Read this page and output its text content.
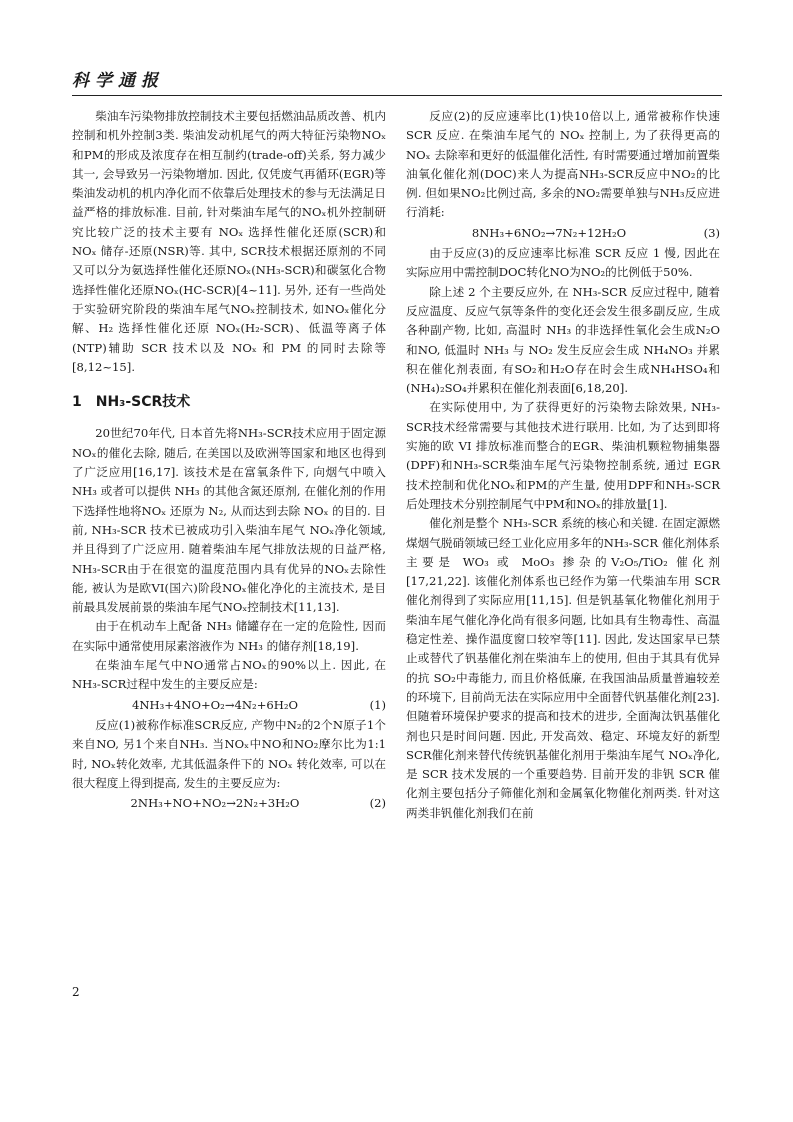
科学通报

柴油车污染物排放控制技术主要包括燃油品质改善、机内控制和机外控制3类. 柴油发动机尾气的两大特征污染物NOₓ和PM的形成及浓度存在相互制约(trade-off)关系, 努力减少其一, 会导致另一污染物增加. 因此, 仅凭废气再循环(EGR)等柴油发动机的机内净化而不依靠后处理技术的参与无法满足日益严格的排放标准. 目前, 针对柴油车尾气的NOₓ机外控制研究比较广泛的技术主要有 NOₓ 选择性催化还原(SCR)和 NOₓ 储存-还原(NSR)等. 其中, SCR技术根据还原剂的不同又可以分为氨选择性催化还原NOₓ(NH₃-SCR)和碳氢化合物选择性催化还原NOₓ(HC-SCR)[4~11]. 另外, 还有一些尚处于实验研究阶段的柴油车尾气NOₓ控制技术, 如NOₓ催化分解、H₂ 选择性催化还原 NOₓ(H₂-SCR)、低温等离子体(NTP)辅助 SCR 技术以及 NOₓ 和 PM 的同时去除等[8,12~15].

1 NH₃-SCR技术

20世纪70年代, 日本首先将NH₃-SCR技术应用于固定源NOₓ的催化去除, 随后, 在美国以及欧洲等国家和地区也得到了广泛应用[16,17]. 该技术是在富氧条件下, 向烟气中喷入 NH₃ 或者可以提供 NH₃ 的其他含氮还原剂, 在催化剂的作用下选择性地将NOₓ 还原为 N₂, 从而达到去除 NOₓ 的目的. 目前, NH₃-SCR 技术已被成功引入柴油车尾气 NOₓ净化领域, 并且得到了广泛应用. 随着柴油车尾气排放法规的日益严格, NH₃-SCR由于在很宽的温度范围内具有优异的NOₓ去除性能, 被认为是欧VI(国六)阶段NOₓ催化净化的主流技术, 是目前最具发展前景的柴油车尾气NOₓ控制技术[11,13].

由于在机动车上配备 NH₃ 储罐存在一定的危险性, 因而在实际中通常使用尿素溶液作为 NH₃ 的储存剂[18,19].

在柴油车尾气中NO通常占NOₓ的90%以上. 因此, 在NH₃-SCR过程中发生的主要反应是:

4NH₃+4NO+O₂→4N₂+6H₂O	(1)

反应(1)被称作标准SCR反应, 产物中N₂的2个N原子1个来自NO, 另1个来自NH₃. 当NOₓ中NO和NO₂摩尔比为1:1时, NOₓ转化效率, 尤其低温条件下的 NOₓ 转化效率, 可以在很大程度上得到提高, 发生的主要反应为:

2NH₃+NO+NO₂→2N₂+3H₂O	(2)

反应(2)的反应速率比(1)快10倍以上, 通常被称作快速 SCR 反应. 在柴油车尾气的 NOₓ 控制上, 为了获得更高的 NOₓ 去除率和更好的低温催化活性, 有时需要通过增加前置柴油氧化催化剂(DOC)来人为提高NH₃-SCR反应中NO₂的比例. 但如果NO₂比例过高, 多余的NO₂需要单独与NH₃反应进行消耗:

8NH₃+6NO₂→7N₂+12H₂O	(3)

由于反应(3)的反应速率比标准 SCR 反应 1 慢, 因此在实际应用中需控制DOC转化NO为NO₂的比例低于50%.

除上述 2 个主要反应外, 在 NH₃-SCR 反应过程中, 随着反应温度、反应气氛等条件的变化还会发生很多副反应, 生成各种副产物, 比如, 高温时 NH₃ 的非选择性氧化会生成N₂O和NO, 低温时 NH₃ 与 NO₂ 发生反应会生成 NH₄NO₃ 并累积在催化剂表面, 有SO₂和H₂O存在时会生成NH₄HSO₄和(NH₄)₂SO₄并累积在催化剂表面[6,18,20].

在实际使用中, 为了获得更好的污染物去除效果, NH₃-SCR技术经常需要与其他技术进行联用. 比如, 为了达到即将实施的欧 VI 排放标准而整合的EGR、柴油机颗粒物捕集器(DPF)和NH₃-SCR柴油车尾气污染物控制系统, 通过 EGR 技术控制和优化NOₓ和PM的产生量, 使用DPF和NH₃-SCR后处理技术分别控制尾气中PM和NOₓ的排放量[1].

催化剂是整个 NH₃-SCR 系统的核心和关键. 在固定源燃煤烟气脱硝领域已经工业化应用多年的NH₃-SCR 催化剂体系主要是 WO₃ 或 MoO₃ 掺杂的V₂O₅/TiO₂ 催化剂[17,21,22]. 该催化剂体系也已经作为第一代柴油车用 SCR 催化剂得到了实际应用[11,15]. 但是钒基氧化物催化剂用于柴油车尾气催化净化尚有很多问题, 比如具有生物毒性、高温稳定性差、操作温度窗口较窄等[11]. 因此, 发达国家早已禁止或替代了钒基催化剂在柴油车上的使用, 但由于其具有优异的抗 SO₂中毒能力, 而且价格低廉, 在我国油品质量普遍较差的环境下, 目前尚无法在实际应用中全面替代钒基催化剂[23]. 但随着环境保护要求的提高和技术的进步, 全面淘汰钒基催化剂也只是时间问题. 因此, 开发高效、稳定、环境友好的新型SCR催化剂来替代传统钒基催化剂用于柴油车尾气 NOₓ净化, 是 SCR 技术发展的一个重要趋势. 目前开发的非钒 SCR 催化剂主要包括分子筛催化剂和金属氧化物催化剂两类. 针对这两类非钒催化剂我们在前

2
